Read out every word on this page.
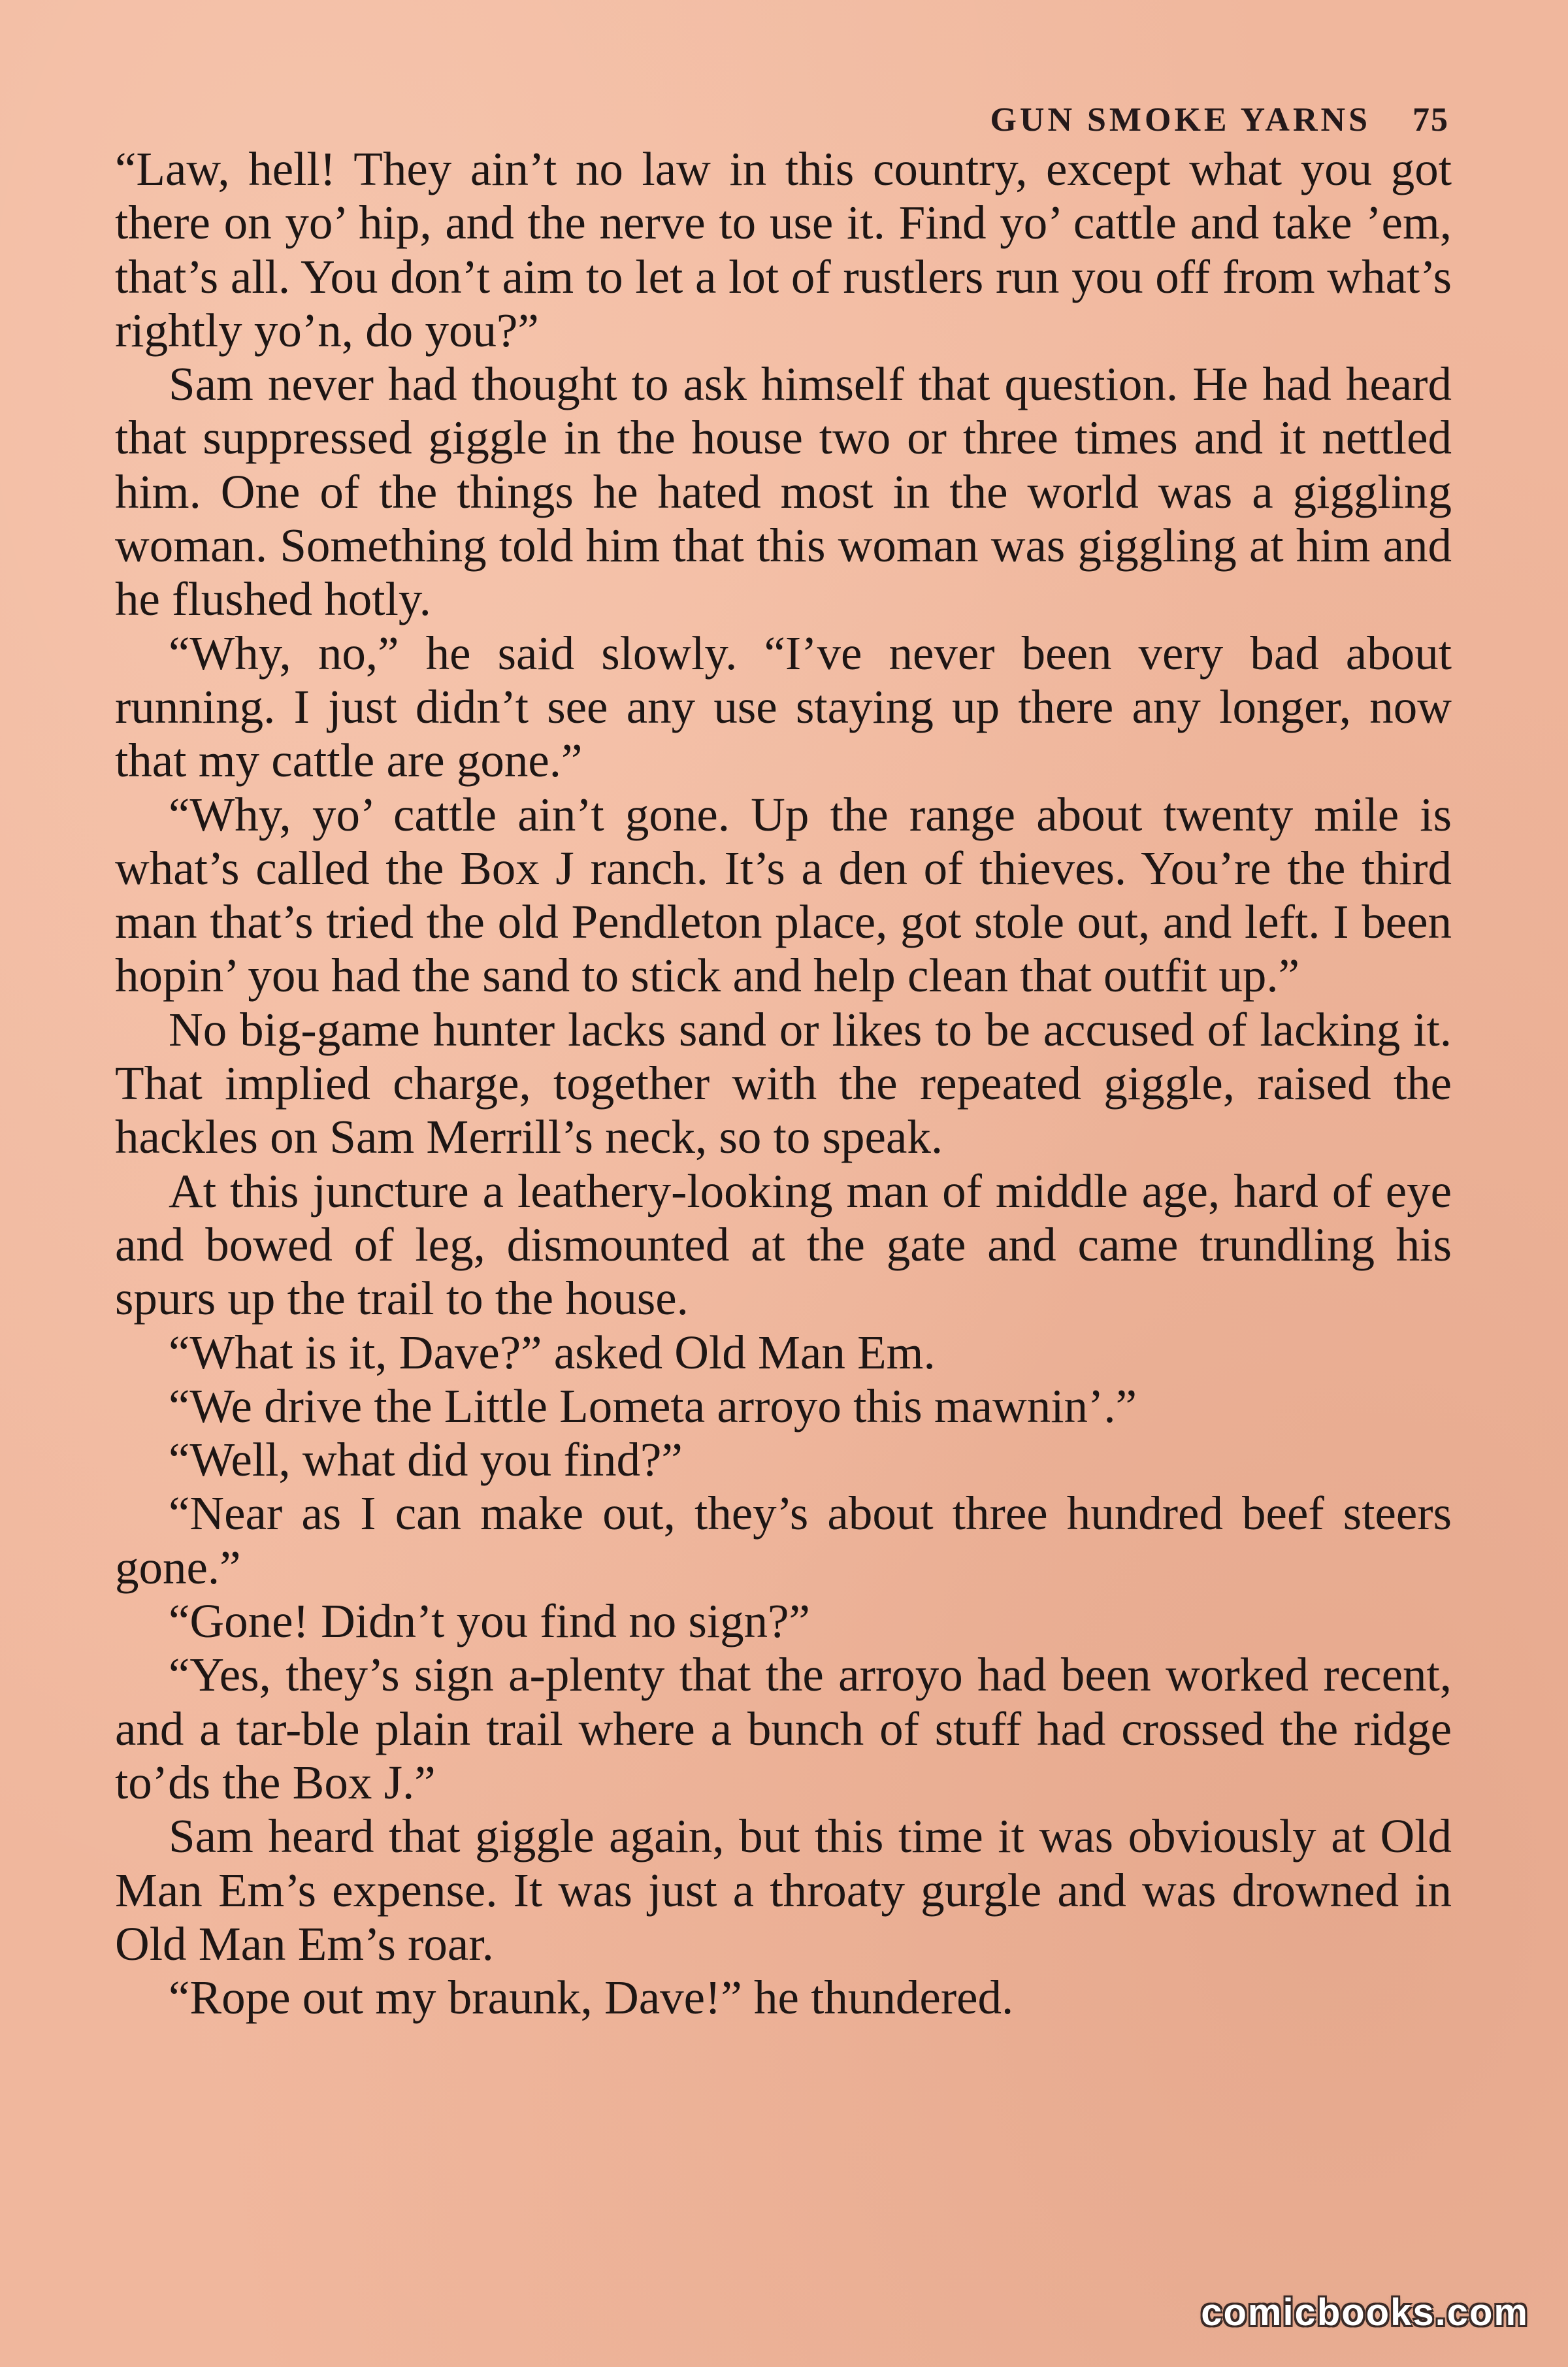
GUN SMOKE YARNS 75

“Law, hell! They ain’t no law in this country, except what you got there on yo’ hip, and the nerve to use it. Find yo’ cattle and take ’em, that’s all. You don’t aim to let a lot of rustlers run you off from what’s rightly yo’n, do you?”

Sam never had thought to ask himself that question. He had heard that suppressed giggle in the house two or three times and it nettled him. One of the things he hated most in the world was a giggling woman. Something told him that this woman was giggling at him and he flushed hotly.

“Why, no,” he said slowly. “I’ve never been very bad about running. I just didn’t see any use staying up there any longer, now that my cattle are gone.”

“Why, yo’ cattle ain’t gone. Up the range about twenty mile is what’s called the Box J ranch. It’s a den of thieves. You’re the third man that’s tried the old Pendleton place, got stole out, and left. I been hopin’ you had the sand to stick and help clean that outfit up.”

No big-game hunter lacks sand or likes to be accused of lacking it. That implied charge, together with the repeated giggle, raised the hackles on Sam Merrill’s neck, so to speak.

At this juncture a leathery-looking man of middle age, hard of eye and bowed of leg, dismounted at the gate and came trundling his spurs up the trail to the house.

“What is it, Dave?” asked Old Man Em.

“We drive the Little Lometa arroyo this mawnin’.”

“Well, what did you find?”

“Near as I can make out, they’s about three hundred beef steers gone.”

“Gone! Didn’t you find no sign?”

“Yes, they’s sign a-plenty that the arroyo had been worked recent, and a tar-ble plain trail where a bunch of stuff had crossed the ridge to’ds the Box J.”

Sam heard that giggle again, but this time it was obviously at Old Man Em’s expense. It was just a throaty gurgle and was drowned in Old Man Em’s roar.

“Rope out my braunk, Dave!” he thundered.

comicbooks.com
